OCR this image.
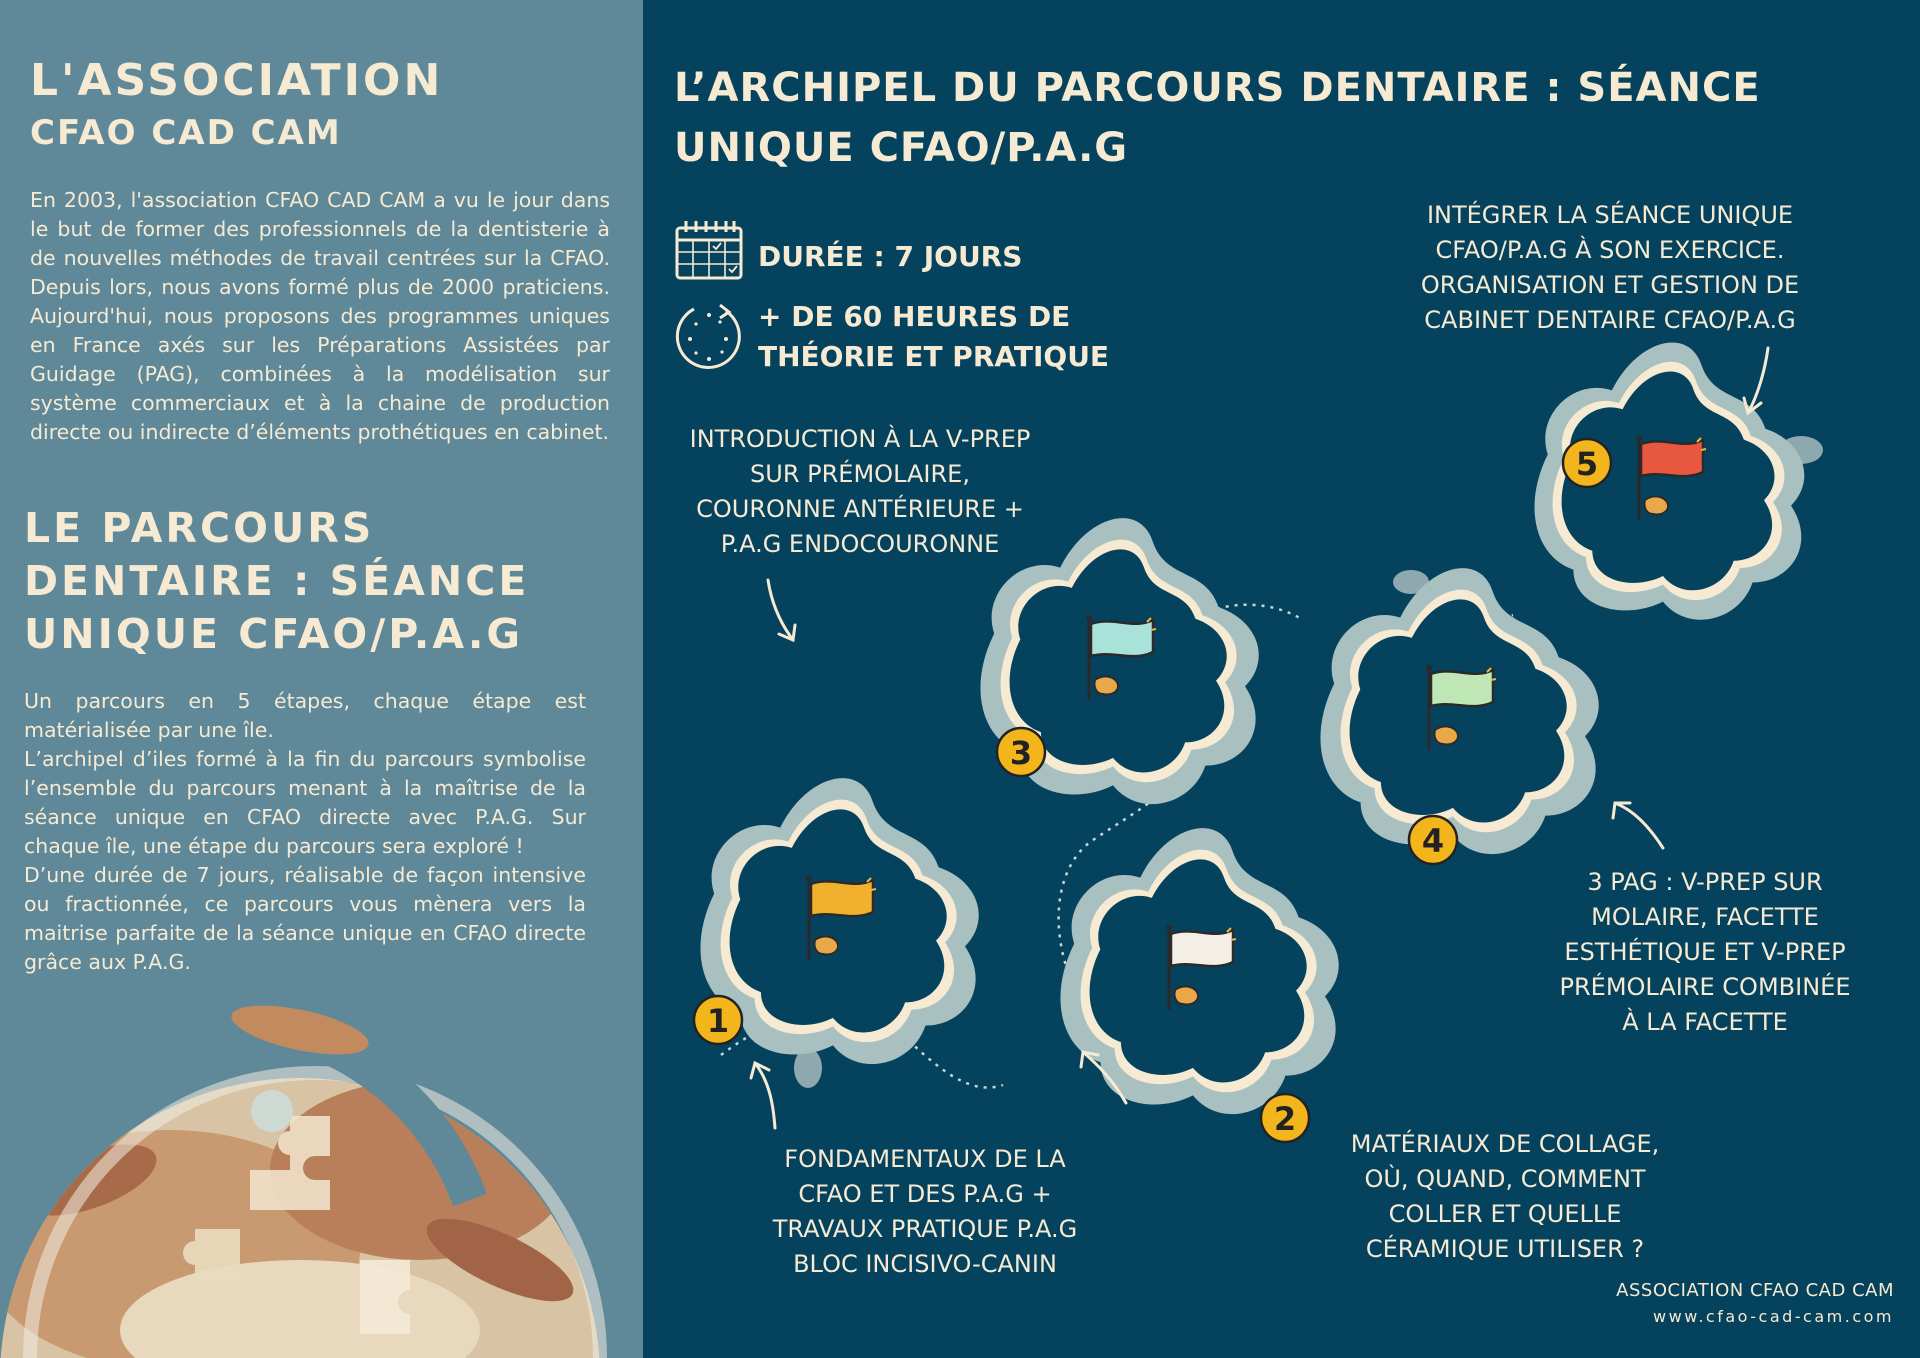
L'ASSOCIATION
CFAO CAD CAM

En 2003, l'association CFAO CAD CAM a vu le jour dans le but de former des professionnels de la dentisterie à de nouvelles méthodes de travail centrées sur la CFAO. Depuis lors, nous avons formé plus de 2000 praticiens. Aujourd'hui, nous proposons des programmes uniques en France axés sur les Préparations Assistées par Guidage (PAG), combinées à la modélisation sur système commerciaux et à la chaine de production directe ou indirecte d’éléments prothétiques en cabinet.

LE PARCOURS DENTAIRE : SÉANCE UNIQUE CFAO/P.A.G

Un parcours en 5 étapes, chaque étape est matérialisée par une île.

L’archipel d’iles formé à la fin du parcours symbolise l’ensemble du parcours menant à la maîtrise de la séance unique en CFAO directe avec P.A.G. Sur chaque île, une étape du parcours sera exploré !

D’une durée de 7 jours, réalisable de façon intensive ou fractionnée, ce parcours vous mènera vers la maitrise parfaite de la séance unique en CFAO directe grâce aux P.A.G.

L’ARCHIPEL DU PARCOURS DENTAIRE : SÉANCE UNIQUE CFAO/P.A.G
DURÉE : 7 JOURS
+ DE 60 HEURES DE
THÉORIE ET PRATIQUE
1
2
3
4
5
FONDAMENTAUX DE LA
CFAO ET DES P.A.G +
TRAVAUX PRATIQUE P.A.G
BLOC INCISIVO-CANIN
MATÉRIAUX DE COLLAGE,
OÙ, QUAND, COMMENT
COLLER ET QUELLE
CÉRAMIQUE UTILISER ?
INTRODUCTION À LA V-PREP
SUR PRÉMOLAIRE,
COURONNE ANTÉRIEURE +
P.A.G ENDOCOURONNE
3 PAG : V-PREP SUR
MOLAIRE, FACETTE
ESTHÉTIQUE ET V-PREP
PRÉMOLAIRE COMBINÉE
À LA FACETTE
INTÉGRER LA SÉANCE UNIQUE
CFAO/P.A.G À SON EXERCICE.
ORGANISATION ET GESTION DE
CABINET DENTAIRE CFAO/P.A.G
ASSOCIATION CFAO CAD CAM
www.cfao-cad-cam.com
